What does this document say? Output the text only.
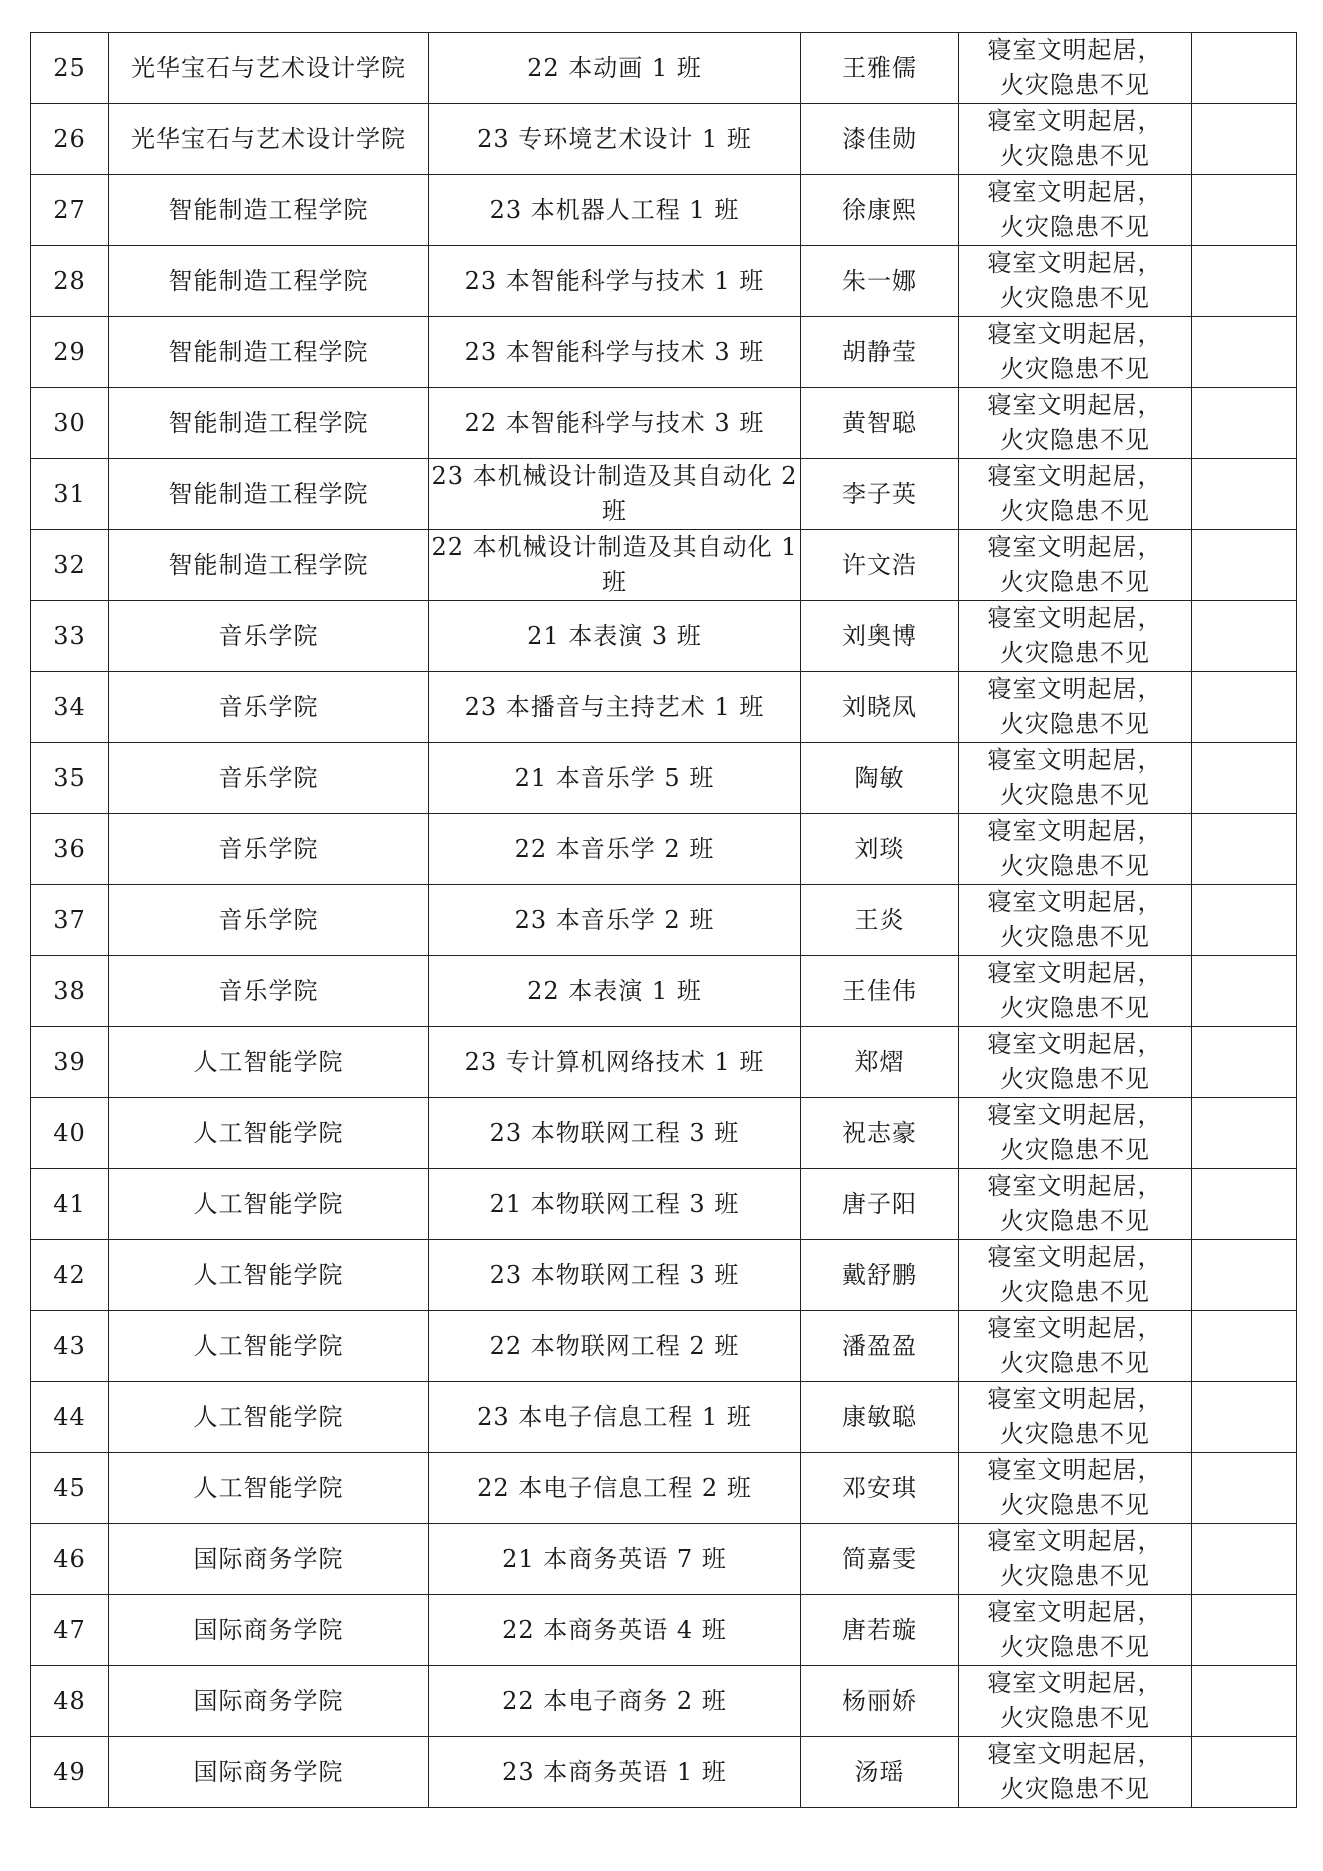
25	光华宝石与艺术设计学院	22 本动画 1 班	王雅儒	寝室文明起居，
火灾隐患不见	

26	光华宝石与艺术设计学院	23 专环境艺术设计 1 班	漆佳勋	寝室文明起居，
火灾隐患不见	

27	智能制造工程学院	23 本机器人工程 1 班	徐康熙	寝室文明起居，
火灾隐患不见	

28	智能制造工程学院	23 本智能科学与技术 1 班	朱一娜	寝室文明起居，
火灾隐患不见	

29	智能制造工程学院	23 本智能科学与技术 3 班	胡静莹	寝室文明起居，
火灾隐患不见	

30	智能制造工程学院	22 本智能科学与技术 3 班	黄智聪	寝室文明起居，
火灾隐患不见	

31	智能制造工程学院	23 本机械设计制造及其自动化 2 班	李子英	寝室文明起居，
火灾隐患不见	

32	智能制造工程学院	22 本机械设计制造及其自动化 1 班	许文浩	寝室文明起居，
火灾隐患不见	

33	音乐学院	21 本表演 3 班	刘奥博	寝室文明起居，
火灾隐患不见	

34	音乐学院	23 本播音与主持艺术 1 班	刘晓凤	寝室文明起居，
火灾隐患不见	

35	音乐学院	21 本音乐学 5 班	陶敏	寝室文明起居，
火灾隐患不见	

36	音乐学院	22 本音乐学 2 班	刘琰	寝室文明起居，
火灾隐患不见	

37	音乐学院	23 本音乐学 2 班	王炎	寝室文明起居，
火灾隐患不见	

38	音乐学院	22 本表演 1 班	王佳伟	寝室文明起居，
火灾隐患不见	

39	人工智能学院	23 专计算机网络技术 1 班	郑熠	寝室文明起居，
火灾隐患不见	

40	人工智能学院	23 本物联网工程 3 班	祝志豪	寝室文明起居，
火灾隐患不见	

41	人工智能学院	21 本物联网工程 3 班	唐子阳	寝室文明起居，
火灾隐患不见	

42	人工智能学院	23 本物联网工程 3 班	戴舒鹏	寝室文明起居，
火灾隐患不见	

43	人工智能学院	22 本物联网工程 2 班	潘盈盈	寝室文明起居，
火灾隐患不见	

44	人工智能学院	23 本电子信息工程 1 班	康敏聪	寝室文明起居，
火灾隐患不见	

45	人工智能学院	22 本电子信息工程 2 班	邓安琪	寝室文明起居，
火灾隐患不见	

46	国际商务学院	21 本商务英语 7 班	简嘉雯	寝室文明起居，
火灾隐患不见	

47	国际商务学院	22 本商务英语 4 班	唐若璇	寝室文明起居，
火灾隐患不见	

48	国际商务学院	22 本电子商务 2 班	杨丽娇	寝室文明起居，
火灾隐患不见	

49	国际商务学院	23 本商务英语 1 班	汤瑶	寝室文明起居，
火灾隐患不见	
